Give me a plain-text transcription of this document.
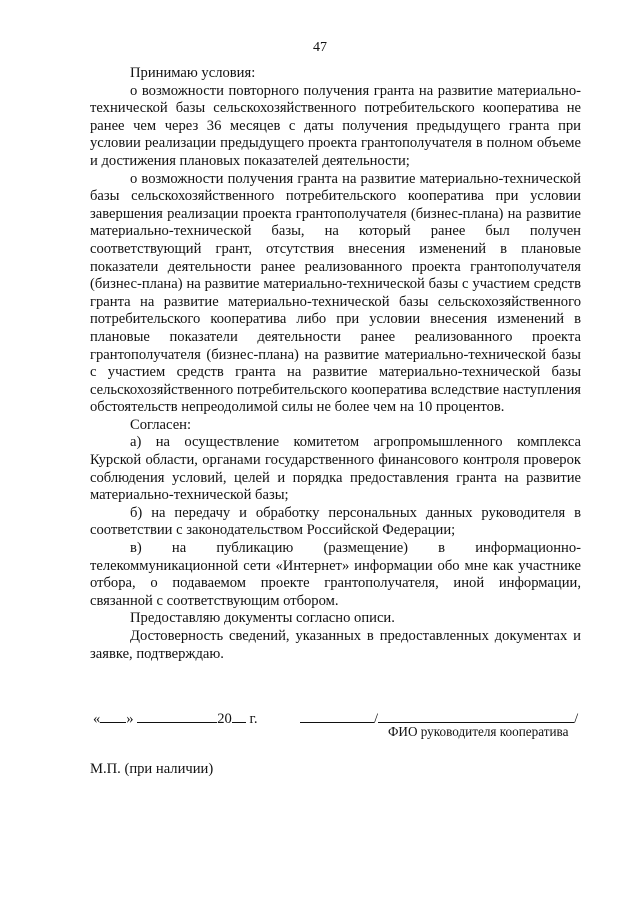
47

Принимаю условия:

о возможности повторного получения гранта на развитие материально-технической базы сельскохозяйственного потребительского кооператива не ранее чем через 36 месяцев с даты получения предыдущего гранта при условии реализации предыдущего проекта грантополучателя в полном объеме и достижения плановых показателей деятельности;

о возможности получения гранта на развитие материально-технической базы сельскохозяйственного потребительского кооператива при условии завершения реализации проекта грантополучателя (бизнес-плана) на развитие материально-технической базы, на который ранее был получен соответствующий грант, отсутствия внесения изменений в плановые показатели деятельности ранее реализованного проекта грантополучателя (бизнес-плана) на развитие материально-технической базы с участием средств гранта на развитие материально-технической базы сельскохозяйственного потребительского кооператива либо при условии внесения изменений в плановые показатели деятельности ранее реализованного проекта грантополучателя (бизнес-плана) на развитие материально-технической базы с участием средств гранта на развитие материально-технической базы сельскохозяйственного потребительского кооператива вследствие наступления обстоятельств непреодолимой силы не более чем на 10 процентов.

Согласен:

а) на осуществление комитетом агропромышленного комплекса Курской области, органами государственного финансового контроля проверок соблюдения условий, целей и порядка предоставления гранта на развитие материально-технической базы;

б) на передачу и обработку персональных данных руководителя в соответствии с законодательством Российской Федерации;

в) на публикацию (размещение) в информационно-телекоммуникационной сети «Интернет» информации обо мне как участнике отбора, о подаваемом проекте грантополучателя, иной информации, связанной с соответствующим отбором.

Предоставляю документы согласно описи.

Достоверность сведений, указанных в предоставленных документах и заявке, подтверждаю.

« »	20 г.	/	/
ФИО руководителя кооператива
М.П. (при наличии)
